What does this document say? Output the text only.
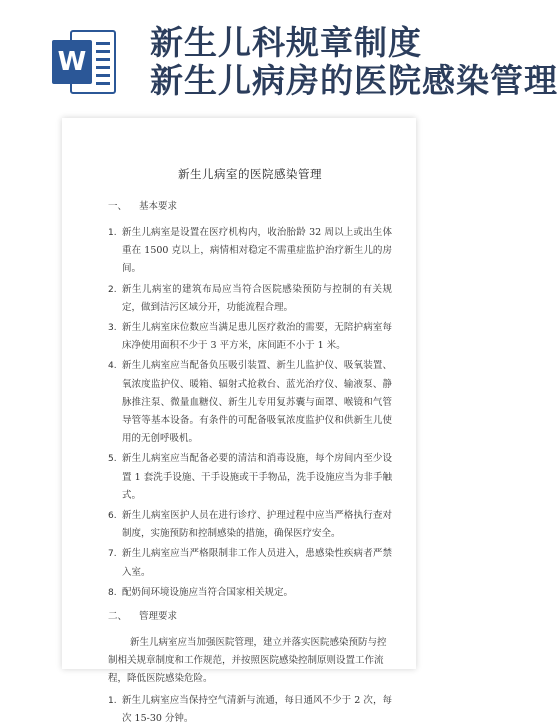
W 新生儿科规章制度
新生儿病房的医院感染管理
新生儿病室的医院感染管理
一、 基本要求
1. 新生儿病室是设置在医疗机构内，收治胎龄 32 周以上或出生体重在 1500 克以上，病情相对稳定不需重症监护治疗新生儿的房间。
2. 新生儿病室的建筑布局应当符合医院感染预防与控制的有关规定，做到洁污区域分开，功能流程合理。
3. 新生儿病室床位数应当满足患儿医疗救治的需要，无陪护病室每床净使用面积不少于 3 平方米，床间距不小于 1 米。
4. 新生儿病室应当配备负压吸引装置、新生儿监护仪、吸氧装置、氧浓度监护仪、暖箱、辐射式抢救台、蓝光治疗仪、输液泵、静脉推注泵、微量血糖仪、新生儿专用复苏囊与面罩、喉镜和气管导管等基本设备。有条件的可配备吸氧浓度监护仪和供新生儿使用的无创呼吸机。
5. 新生儿病室应当配备必要的清洁和消毒设施，每个房间内至少设置 1 套洗手设施、干手设施或干手物品，洗手设施应当为非手触式。
6. 新生儿病室医护人员在进行诊疗、护理过程中应当严格执行查对制度，实施预防和控制感染的措施，确保医疗安全。
7. 新生儿病室应当严格限制非工作人员进入，患感染性疾病者严禁入室。
8. 配奶间环境设施应当符合国家相关规定。
二、 管理要求
新生儿病室应当加强医院管理，建立并落实医院感染预防与控制相关规章制度和工作规范，并按照医院感染控制原则设置工作流程，降低医院感染危险。
1. 新生儿病室应当保持空气清新与流通，每日通风不少于 2 次，每次 15-30 分钟。
